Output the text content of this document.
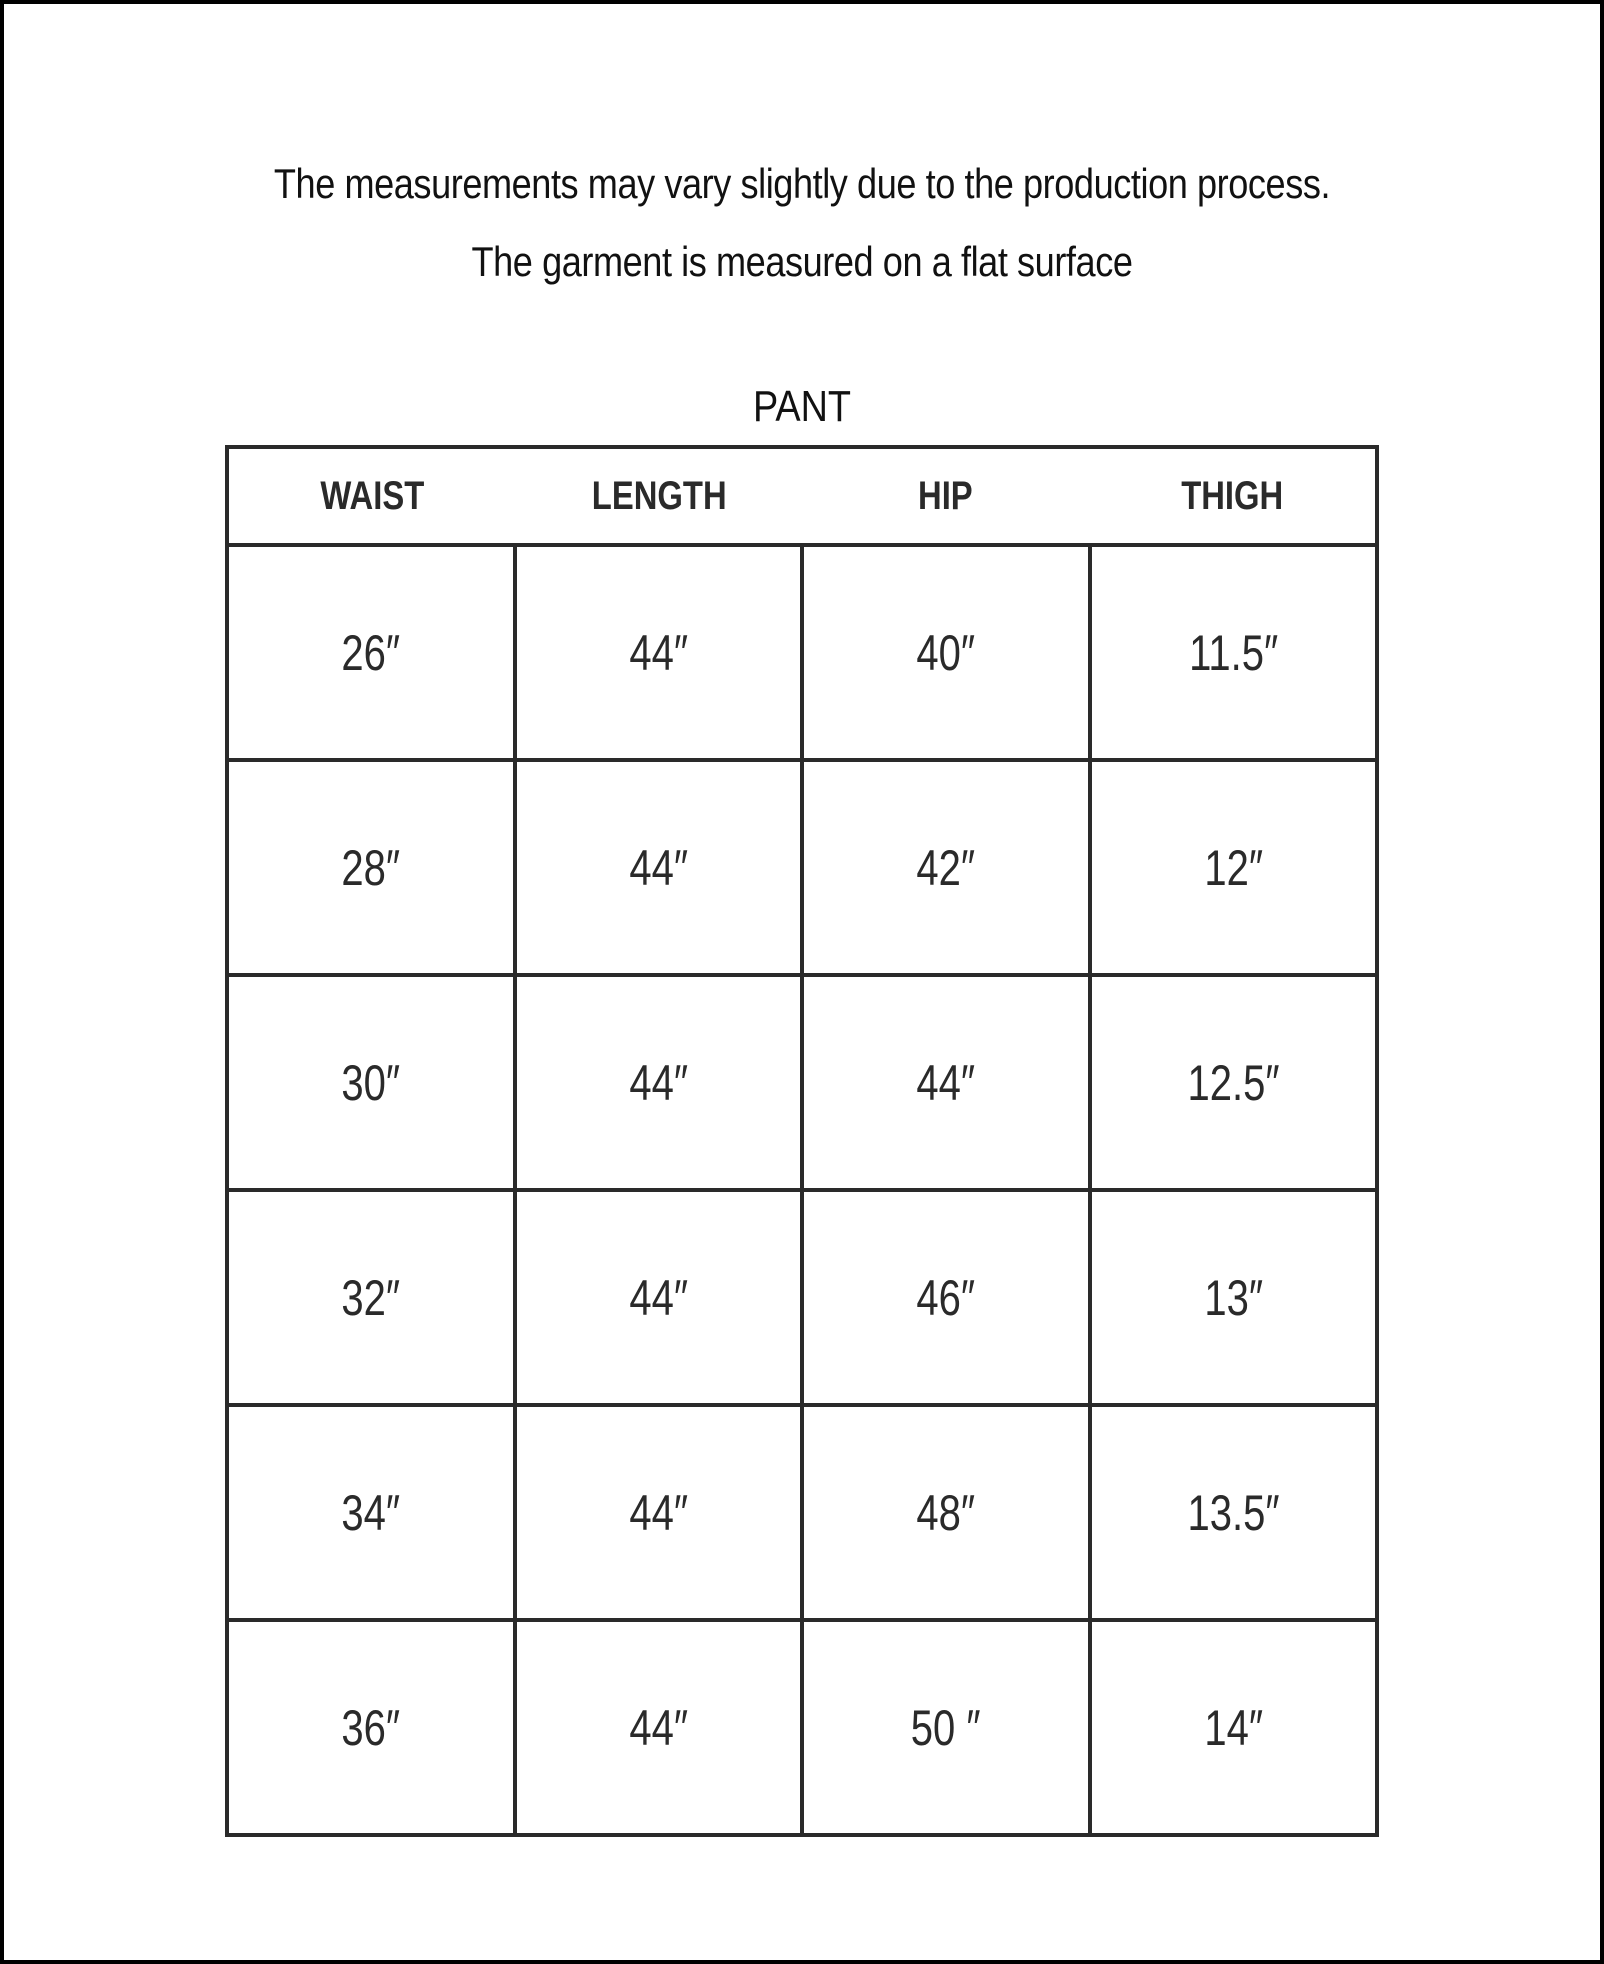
The measurements may vary slightly due to the production process.
The garment is measured on a flat surface
PANT
WAIST	LENGTH	HIP	THIGH
26″	44″	40″	11.5″
28″	44″	42″	12″
30″	44″	44″	12.5″
32″	44″	46″	13″
34″	44″	48″	13.5″
36″	44″	50 ″	14″
